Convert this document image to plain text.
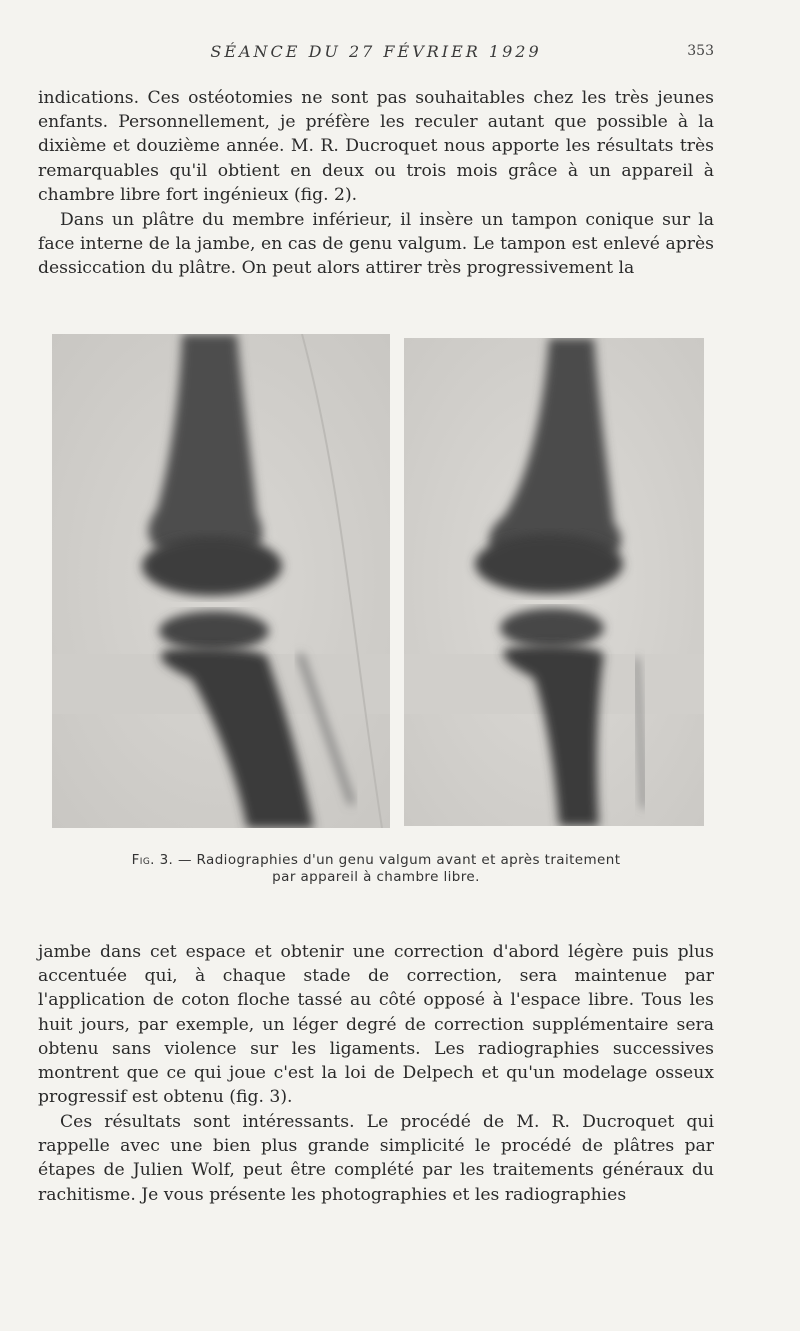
SÉANCE DU 27 FÉVRIER 1929	353

indications. Ces ostéotomies ne sont pas souhaitables chez les très jeunes enfants. Personnellement, je préfère les reculer autant que possible à la dixième et douzième année. M. R. Ducroquet nous apporte les résultats très remarquables qu'il obtient en deux ou trois mois grâce à un appareil à chambre libre fort ingénieux (fig. 2).

Dans un plâtre du membre inférieur, il insère un tampon conique sur la face interne de la jambe, en cas de genu valgum. Le tampon est enlevé après dessiccation du plâtre. On peut alors attirer très progressivement la

Fig. 3. — Radiographies d'un genu valgum avant et après traitement
par appareil à chambre libre.

jambe dans cet espace et obtenir une correction d'abord légère puis plus accentuée qui, à chaque stade de correction, sera maintenue par l'application de coton floche tassé au côté opposé à l'espace libre. Tous les huit jours, par exemple, un léger degré de correction supplémentaire sera obtenu sans violence sur les ligaments. Les radiographies successives montrent que ce qui joue c'est la loi de Delpech et qu'un modelage osseux progressif est obtenu (fig. 3).

Ces résultats sont intéressants. Le procédé de M. R. Ducroquet qui rappelle avec une bien plus grande simplicité le procédé de plâtres par étapes de Julien Wolf, peut être complété par les traitements généraux du rachitisme. Je vous présente les photographies et les radiographies
